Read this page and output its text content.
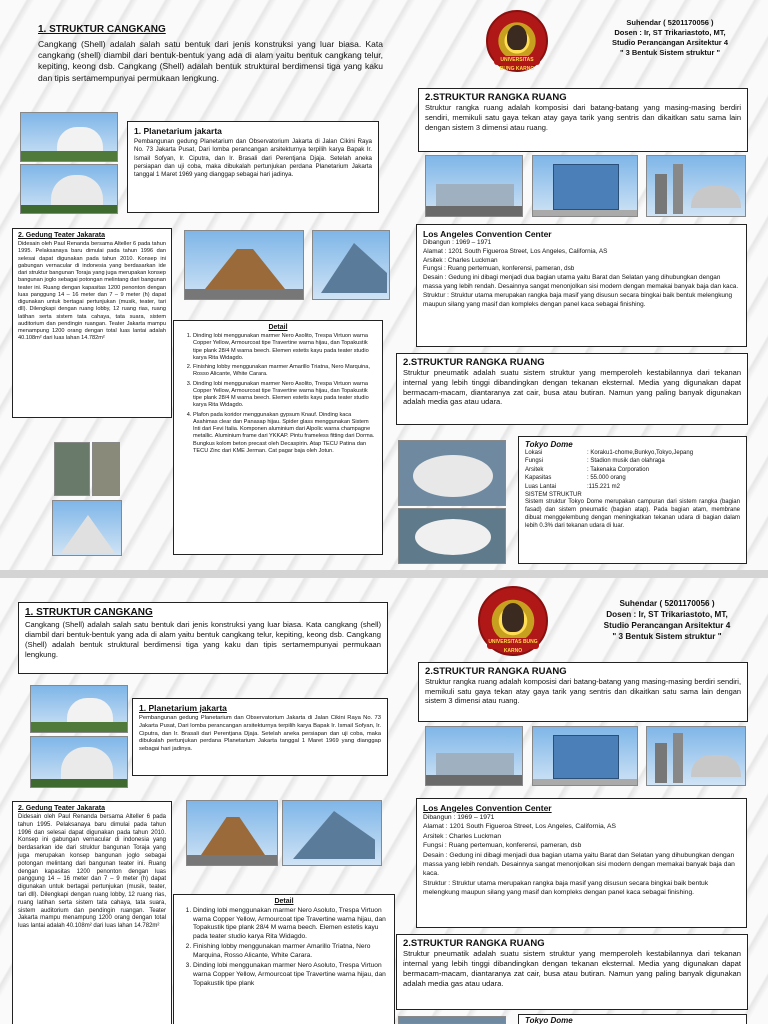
1. STRUKTUR CANGKANG
Cangkang (Shell) adalah salah satu bentuk dari jenis konstruksi yang luar biasa. Kata cangkang (shell) diambil dari bentuk-bentuk yang ada di alam yaitu bentuk cangkang telur, kepiting, keong dsb. Cangkang (Shell) adalah bentuk struktural berdimensi tiga yang kaku dan tipis sertamempunyai permukaan lengkung.
1. Planetarium jakarta
Pembangunan gedung Planetarium dan Observatorium Jakarta di Jalan Cikini Raya No. 73 Jakarta Pusat, Dari lomba perancangan arsitekturnya terpilih karya Bapak Ir. Ismail Sofyan, Ir. Ciputra, dan Ir. Brasali dari Perentjana Djaja. Setelah aneka persiapan dan uji coba, maka dibukalah pertunjukan perdana Planetarium Jakarta tanggal 1 Maret 1969 yang dianggap sebagai hari jadinya.
2. Gedung Teater Jakarata
Didesain oleh Paul Renanda bersama Alteller 6 pada tahun 1995. Pelaksanaya baru dimulai pada tahun 1996 dan selesai dapat digunakan pada tahun 2010. Konsep ini gabungan vernacular di indonesia yang berdasarkan ide dari struktur bangunan Toraja yang juga merupakan konsep bangunan joglo sebagai potongan melintang dari bangunan teater ini. Ruang dengan kapasitas 1200 penonton dengan luas panggung 14 – 16 meter dan 7 – 9 meter (h) dapat digunakan untuk bertagai pertunjukan (musik, teater, tari dll). Dilengkapi dengan ruang lobby, 12 ruang rias, ruang latihan serta sistem tata cahaya, tata suara, sistem auditorium dan pendingin ruangan. Teater Jakarta mampu menampung 1200 orang dengan total luas lantai adalah 40.108m² dari luas lahan 14.782m²
Detail
1. Dinding lobi menggunakan marmer Nero Asolito, Trespa Virtuon warna Copper Yellow, Armourcoat tipe Travertine warna hijau, dan Topakustik tipe plank 28/4 M warna beech. Elemen estetis kayu pada teater studio karya Rita Widagdo.
2. Finishing lobby menggunakan marmer Amarillo Triatna, Nero Marquina, Rosso Alicante, White Carara.
3. Dinding lobi menggunakan marmer Nero Asolito, Trespa Virtuon warna Copper Yellow, Armourcoat tipe Travertine warna hijau, dan Topakustik tipe plank 28/4 M warna beech. Elemen estetis kayu pada teater studio karya Rita Widagdo.
4. Plafon pada koridor menggunakan gypsum Knauf. Dinding kaca Asahimas clear dan Panasap hijau. Spider glass menggunakan Sistem Inti dari Fevi Italia. Komponen aluminium dari Alpolic warna champagne metallic. Aluminium frame dari YKKAP. Pintu frameless fitting dari Dorma. Bungkus kolom beton precast oleh Decaspirin. Atap TECU Patina dan TECU Zinc dari KME Jerman. Cat pagar baja oleh Jotun.
UNIVERSITAS BUNG KARNO
Suhendar ( 5201170056 )
Dosen : Ir, ST Trikariastoto, MT,
Studio Perancangan Arsitektur 4
" 3 Bentuk Sistem struktur "
2.STRUKTUR RANGKA RUANG
Struktur rangka ruang adalah komposisi dari batang-batang yang masing-masing berdiri sendiri, memikuli satu gaya tekan atay gaya tarik yang sentris dan dikaitkan satu sama lain dengan sistem 3 dimensi atau ruang.
Los Angeles Convention Center
Dibangun : 1969 – 1971
Alamat : 1201 South Figueroa Street, Los Angeles, California, AS
Arsitek : Charles Luckman
Fungsi : Ruang pertemuan, konferensi, pameran, dsb
Desain : Gedung ini dibagi menjadi dua bagian utama yaitu Barat dan Selatan yang dihubungkan dengan massa yang lebih rendah. Desainnya sangat menonjolkan sisi modern dengan memakai banyak baja dan kaca.
Struktur : Struktur utama merupakan rangka baja masif yang disusun secara bingkai baik bentuk melengkung maupun silang yang masif dan kompleks dengan panel kaca sebagai finishing.
2.STRUKTUR RANGKA RUANG
Struktur pneumatik adalah suatu sistem struktur yang memperoleh kestabilannya dari tekanan internal yang lebih tinggi dibandingkan dengan tekanan eksternal. Media yang digunakan dapat bermacam-macam, diantaranya zat cair, busa atau butiran. Namun yang paling banyak digunakan adalah media gas atau udara.
Tokyo Dome
Lokasi	: Koraku1-chome,Bunkyo,Tokyo,Jepang
Fungsi	: Stadion musik dan olahraga
Arsitek	: Takenaka Corporation
Kapasitas	: 55.000 orang
Luas Lantai	:115.221 m2
SISTEM STRUKTUR
Sistem struktur Tokyo Dome merupakan campuran dari sistem rangka (bagian fasad) dan sistem pneumatic (bagian atap). Pada bagian atam, membrane dibuat menggelembung dengan meningkatkan tekanan udara di bagian dalam lebih 0.3% dari tekanan udara di luar.
1. STRUKTUR CANGKANG
Cangkang (Shell) adalah salah satu bentuk dari jenis konstruksi yang luar biasa. Kata cangkang (shell) diambil dari bentuk-bentuk yang ada di alam yaitu bentuk cangkang telur, kepiting, keong dsb. Cangkang (Shell) adalah bentuk struktural berdimensi tiga yang kaku dan tipis sertamempunyai permukaan lengkung.
1. Planetarium jakarta
Pembangunan gedung Planetarium dan Observatorium Jakarta di Jalan Cikini Raya No. 73 Jakarta Pusat, Dari lomba perancangan arsitekturnya terpilih karya Bapak Ir. Ismail Sofyan, Ir. Ciputra, dan Ir. Brasali dari Perentjana Djaja. Setelah aneka persiapan dan uji coba, maka dibukalah pertunjukan perdana Planetarium Jakarta tanggal 1 Maret 1969 yang dianggap sebagai hari jadinya.
2. Gedung Teater Jakarata
Didesain oleh Paul Renanda bersama Alteller 6 pada tahun 1995. Pelaksanaya baru dimulai pada tahun 1996 dan selesai dapat digunakan pada tahun 2010. Konsep ini gabungan vernacular di indonesia yang berdasarkan ide dari struktur bangunan Toraja yang juga merupakan konsep bangunan joglo sebagai potongan melintang dari bangunan teater ini. Ruang dengan kapasitas 1200 penonton dengan luas panggung 14 – 16 meter dan 7 – 9 meter (h) dapat digunakan untuk bertagai pertunjukan (musik, teater, tari dll). Dilengkapi dengan ruang lobby, 12 ruang rias, ruang latihan serta sistem tata cahaya, tata suara, sistem auditorium dan pendingin ruangan. Teater Jakarta mampu menampung 1200 orang dengan total luas lantai adalah 40.108m² dari luas lahan 14.782m²
Detail
1. Dinding lobi menggunakan marmer Nero Asoluto, Trespa Virtuon warna Copper Yellow, Armourcoat tipe Travertine warna hijau, dan Topakustik tipe plank 28/4 M warna beech. Elemen estetis kayu pada teater studio karya Rita Widagdo.
2. Finishing lobby menggunakan marmer Amarillo Triatna, Nero Marquina, Rosso Alicante, White Carara.
3. Dinding lobi menggunakan marmer Nero Asoluto, Trespa Virtuon warna Copper Yellow, Armourcoat tipe Travertine warna hijau, dan Topakustik tipe plank
UNIVERSITAS BUNG KARNO
Suhendar ( 5201170056 )
Dosen : Ir, ST Trikariastoto, MT,
Studio Perancangan Arsitektur 4
" 3 Bentuk Sistem struktur "
2.STRUKTUR RANGKA RUANG
Struktur rangka ruang adalah komposisi dari batang-batang yang masing-masing berdiri sendiri, memikuli satu gaya tekan atay gaya tarik yang sentris dan dikaitkan satu sama lain dengan sistem 3 dimensi atau ruang.
Los Angeles Convention Center
Dibangun : 1969 – 1971
Alamat : 1201 South Figueroa Street, Los Angeles, California, AS
Arsitek : Charles Luckman
Fungsi : Ruang pertemuan, konferensi, pameran, dsb
Desain : Gedung ini dibagi menjadi dua bagian utama yaitu Barat dan Selatan yang dihubungkan dengan massa yang lebih rendah. Desainnya sangat menonjolkan sisi modern dengan memakai banyak baja dan kaca.
Struktur : Struktur utama merupakan rangka baja masif yang disusun secara bingkai baik bentuk melengkung maupun silang yang masif dan kompleks dengan panel kaca sebagai finishing.
2.STRUKTUR RANGKA RUANG
Struktur pneumatik adalah suatu sistem struktur yang memperoleh kestabilannya dari tekanan internal yang lebih tinggi dibandingkan dengan tekanan eksternal. Media yang digunakan dapat bermacam-macam, diantaranya zat cair, busa atau butiran. Namun yang paling banyak digunakan adalah media gas atau udara.
Tokyo Dome
